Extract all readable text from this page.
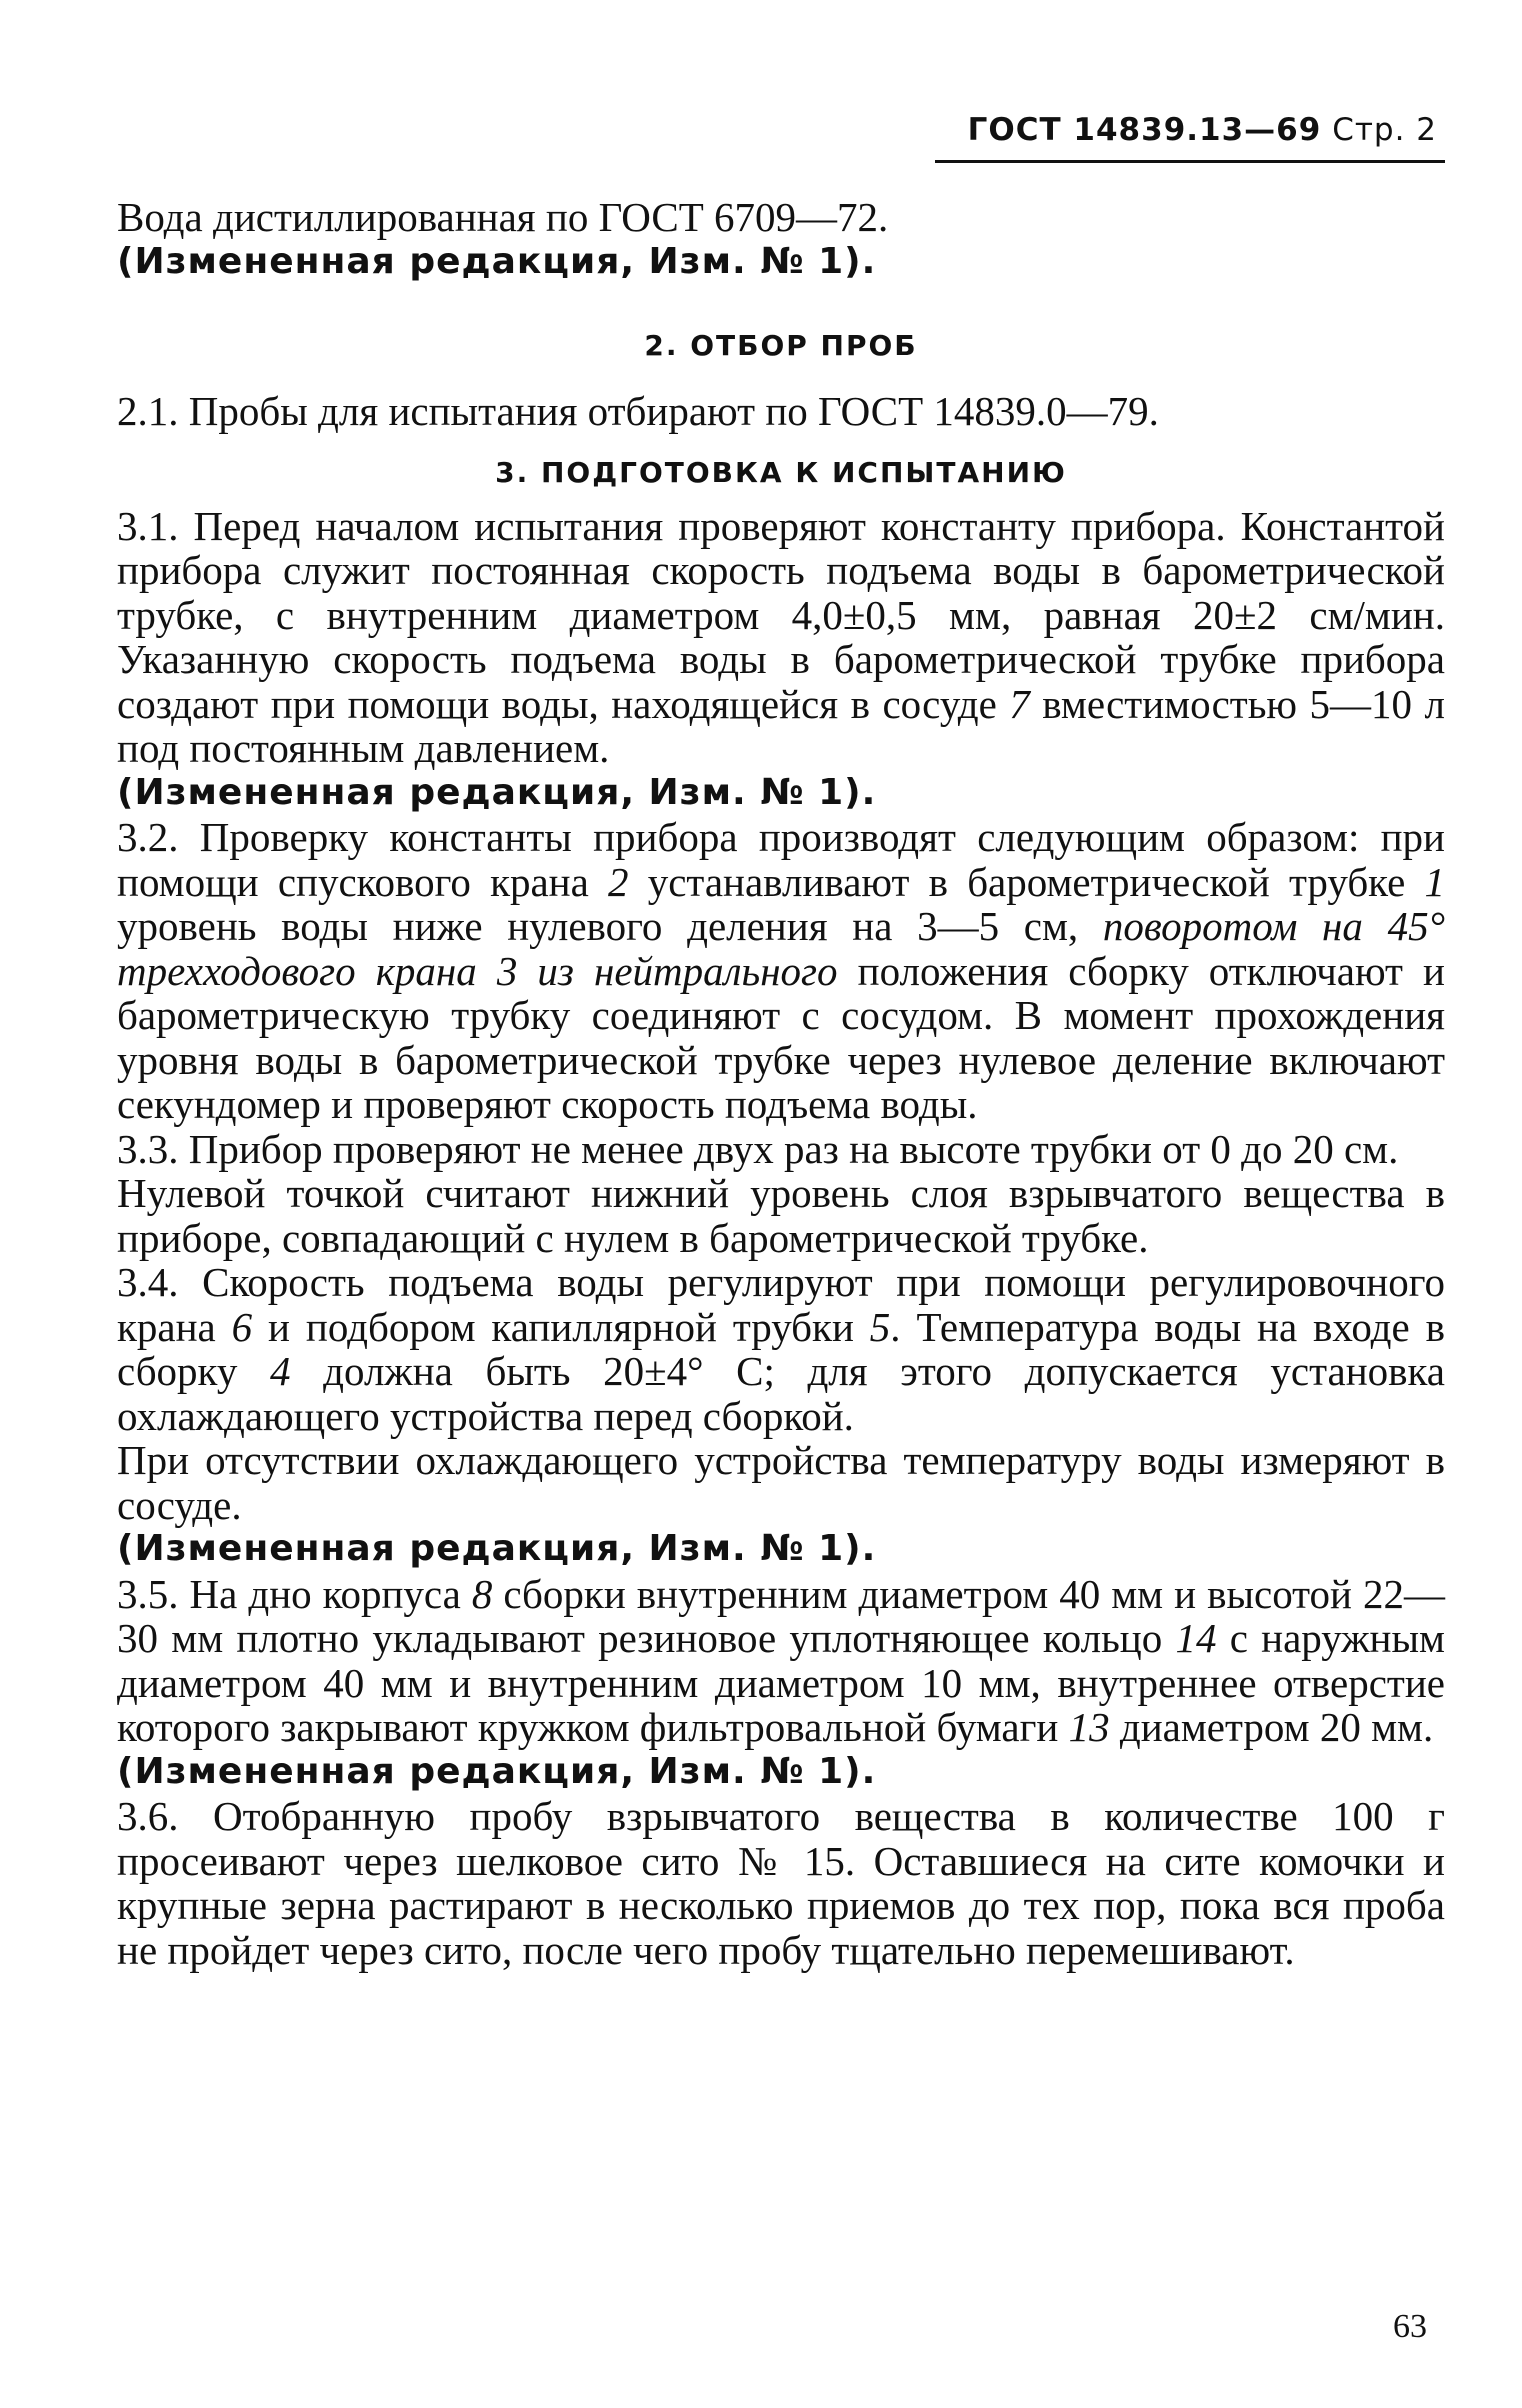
ГОСТ 14839.13—69 Стр. 2

Вода дистиллированная по ГОСТ 6709—72.

(Измененная редакция, Изм. № 1).

2. ОТБОР ПРОБ

2.1. Пробы для испытания отбирают по ГОСТ 14839.0—79.

3. ПОДГОТОВКА К ИСПЫТАНИЮ

3.1. Перед началом испытания проверяют константу прибора. Константой прибора служит постоянная скорость подъема воды в барометрической трубке, с внутренним диаметром 4,0±0,5 мм, равная 20±2 см/мин. Указанную скорость подъема воды в барометрической трубке прибора создают при помощи воды, находящейся в сосуде 7 вместимостью 5—10 л под постоянным давлением.

(Измененная редакция, Изм. № 1).

3.2. Проверку константы прибора производят следующим образом: при помощи спускового крана 2 устанавливают в барометрической трубке 1 уровень воды ниже нулевого деления на 3—5 см, поворотом на 45° трехходового крана 3 из нейтрального положения сборку отключают и барометрическую трубку соединяют с сосудом. В момент прохождения уровня воды в барометрической трубке через нулевое деление включают секундомер и проверяют скорость подъема воды.

3.3. Прибор проверяют не менее двух раз на высоте трубки от 0 до 20 см.

Нулевой точкой считают нижний уровень слоя взрывчатого вещества в приборе, совпадающий с нулем в барометрической трубке.

3.4. Скорость подъема воды регулируют при помощи регулировочного крана 6 и подбором капиллярной трубки 5. Температура воды на входе в сборку 4 должна быть 20±4° С; для этого допускается установка охлаждающего устройства перед сборкой.

При отсутствии охлаждающего устройства температуру воды измеряют в сосуде.

(Измененная редакция, Изм. № 1).

3.5. На дно корпуса 8 сборки внутренним диаметром 40 мм и высотой 22—30 мм плотно укладывают резиновое уплотняющее кольцо 14 с наружным диаметром 40 мм и внутренним диаметром 10 мм, внутреннее отверстие которого закрывают кружком фильтровальной бумаги 13 диаметром 20 мм.

(Измененная редакция, Изм. № 1).

3.6. Отобранную пробу взрывчатого вещества в количестве 100 г просеивают через шелковое сито № 15. Оставшиеся на сите комочки и крупные зерна растирают в несколько приемов до тех пор, пока вся проба не пройдет через сито, после чего пробу тщательно перемешивают.

63
